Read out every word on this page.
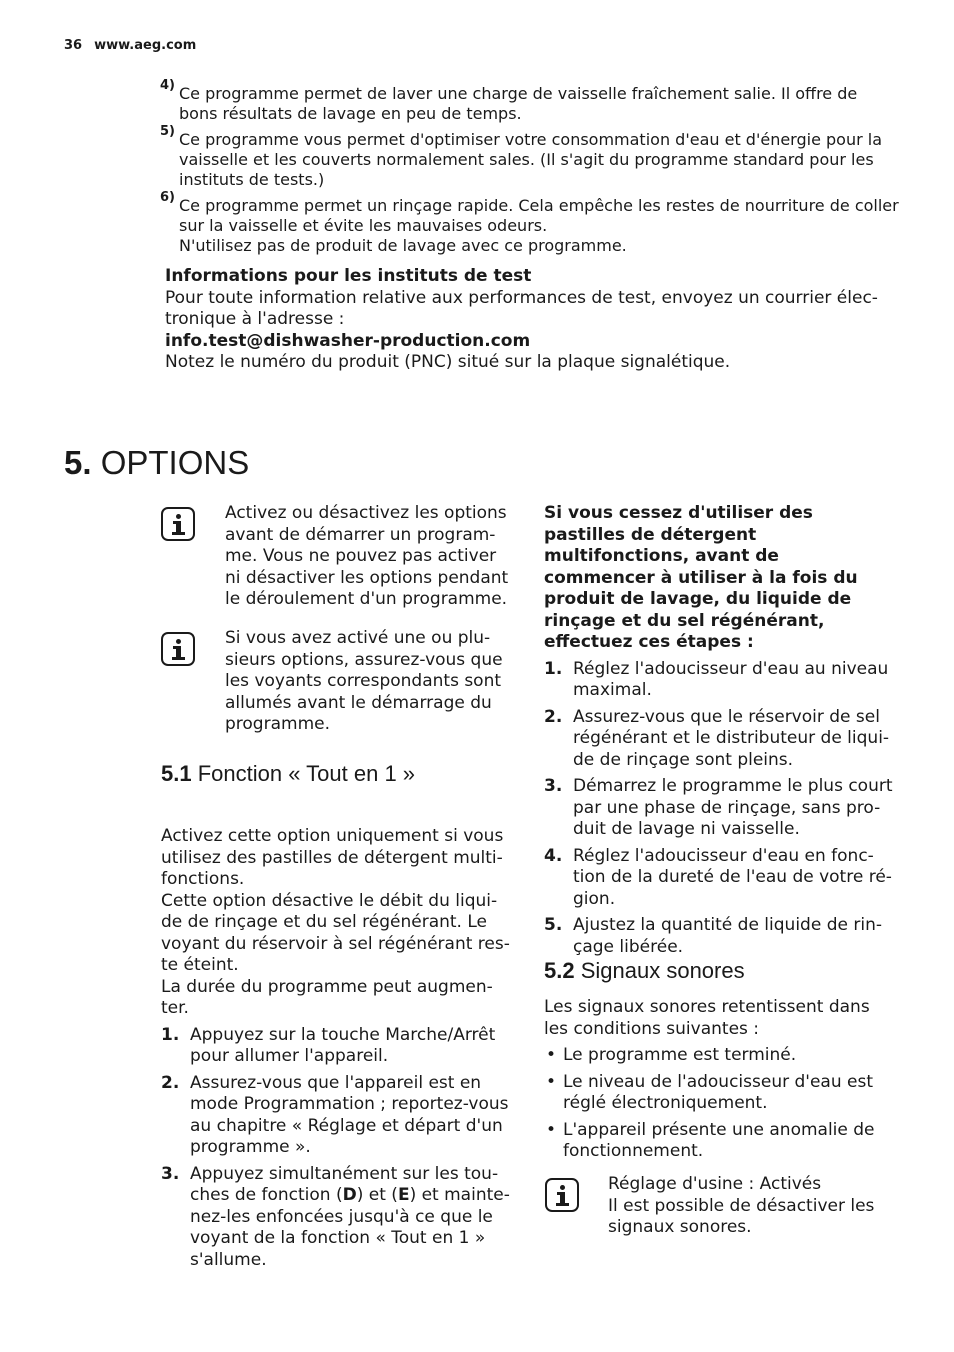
36 www.aeg.com
4) Ce programme permet de laver une charge de vaisselle fraîchement salie. Il offre de bons résultats de lavage en peu de temps.
5) Ce programme vous permet d'optimiser votre consommation d'eau et d'énergie pour la vaisselle et les couverts normalement sales. (Il s'agit du programme standard pour les instituts de tests.)
6) Ce programme permet un rinçage rapide. Cela empêche les restes de nourriture de coller sur la vaisselle et évite les mauvaises odeurs.
N'utilisez pas de produit de lavage avec ce programme.
Informations pour les instituts de test
Pour toute information relative aux performances de test, envoyez un courrier élec-tronique à l'adresse :
info.test@dishwasher-production.com
Notez le numéro du produit (PNC) situé sur la plaque signalétique.
5. OPTIONS
Activez ou désactivez les options avant de démarrer un program-me. Vous ne pouvez pas activer ni désactiver les options pendant le déroulement d'un programme.
Si vous avez activé une ou plu-sieurs options, assurez-vous que les voyants correspondants sont allumés avant le démarrage du programme.
5.1 Fonction « Tout en 1 »
Activez cette option uniquement si vous utilisez des pastilles de détergent multi-fonctions.
Cette option désactive le débit du liqui-de de rinçage et du sel régénérant. Le voyant du réservoir à sel régénérant res-te éteint.
La durée du programme peut augmen-ter.
1. Appuyez sur la touche Marche/Arrêt pour allumer l'appareil.
2. Assurez-vous que l'appareil est en mode Programmation ; reportez-vous au chapitre « Réglage et départ d'un programme ».
3. Appuyez simultanément sur les tou-ches de fonction (D) et (E) et mainte-nez-les enfoncées jusqu'à ce que le voyant de la fonction « Tout en 1 » s'allume.
Si vous cessez d'utiliser des pastilles de détergent multifonctions, avant de commencer à utiliser à la fois du produit de lavage, du liquide de rinçage et du sel régénérant, effectuez ces étapes :
1. Réglez l'adoucisseur d'eau au niveau maximal.
2. Assurez-vous que le réservoir de sel régénérant et le distributeur de liqui-de de rinçage sont pleins.
3. Démarrez le programme le plus court par une phase de rinçage, sans pro-duit de lavage ni vaisselle.
4. Réglez l'adoucisseur d'eau en fonc-tion de la dureté de l'eau de votre ré-gion.
5. Ajustez la quantité de liquide de rin-çage libérée.
5.2 Signaux sonores
Les signaux sonores retentissent dans les conditions suivantes :
• Le programme est terminé.
• Le niveau de l'adoucisseur d'eau est réglé électroniquement.
• L'appareil présente une anomalie de fonctionnement.
Réglage d'usine : Activés
Il est possible de désactiver les signaux sonores.
